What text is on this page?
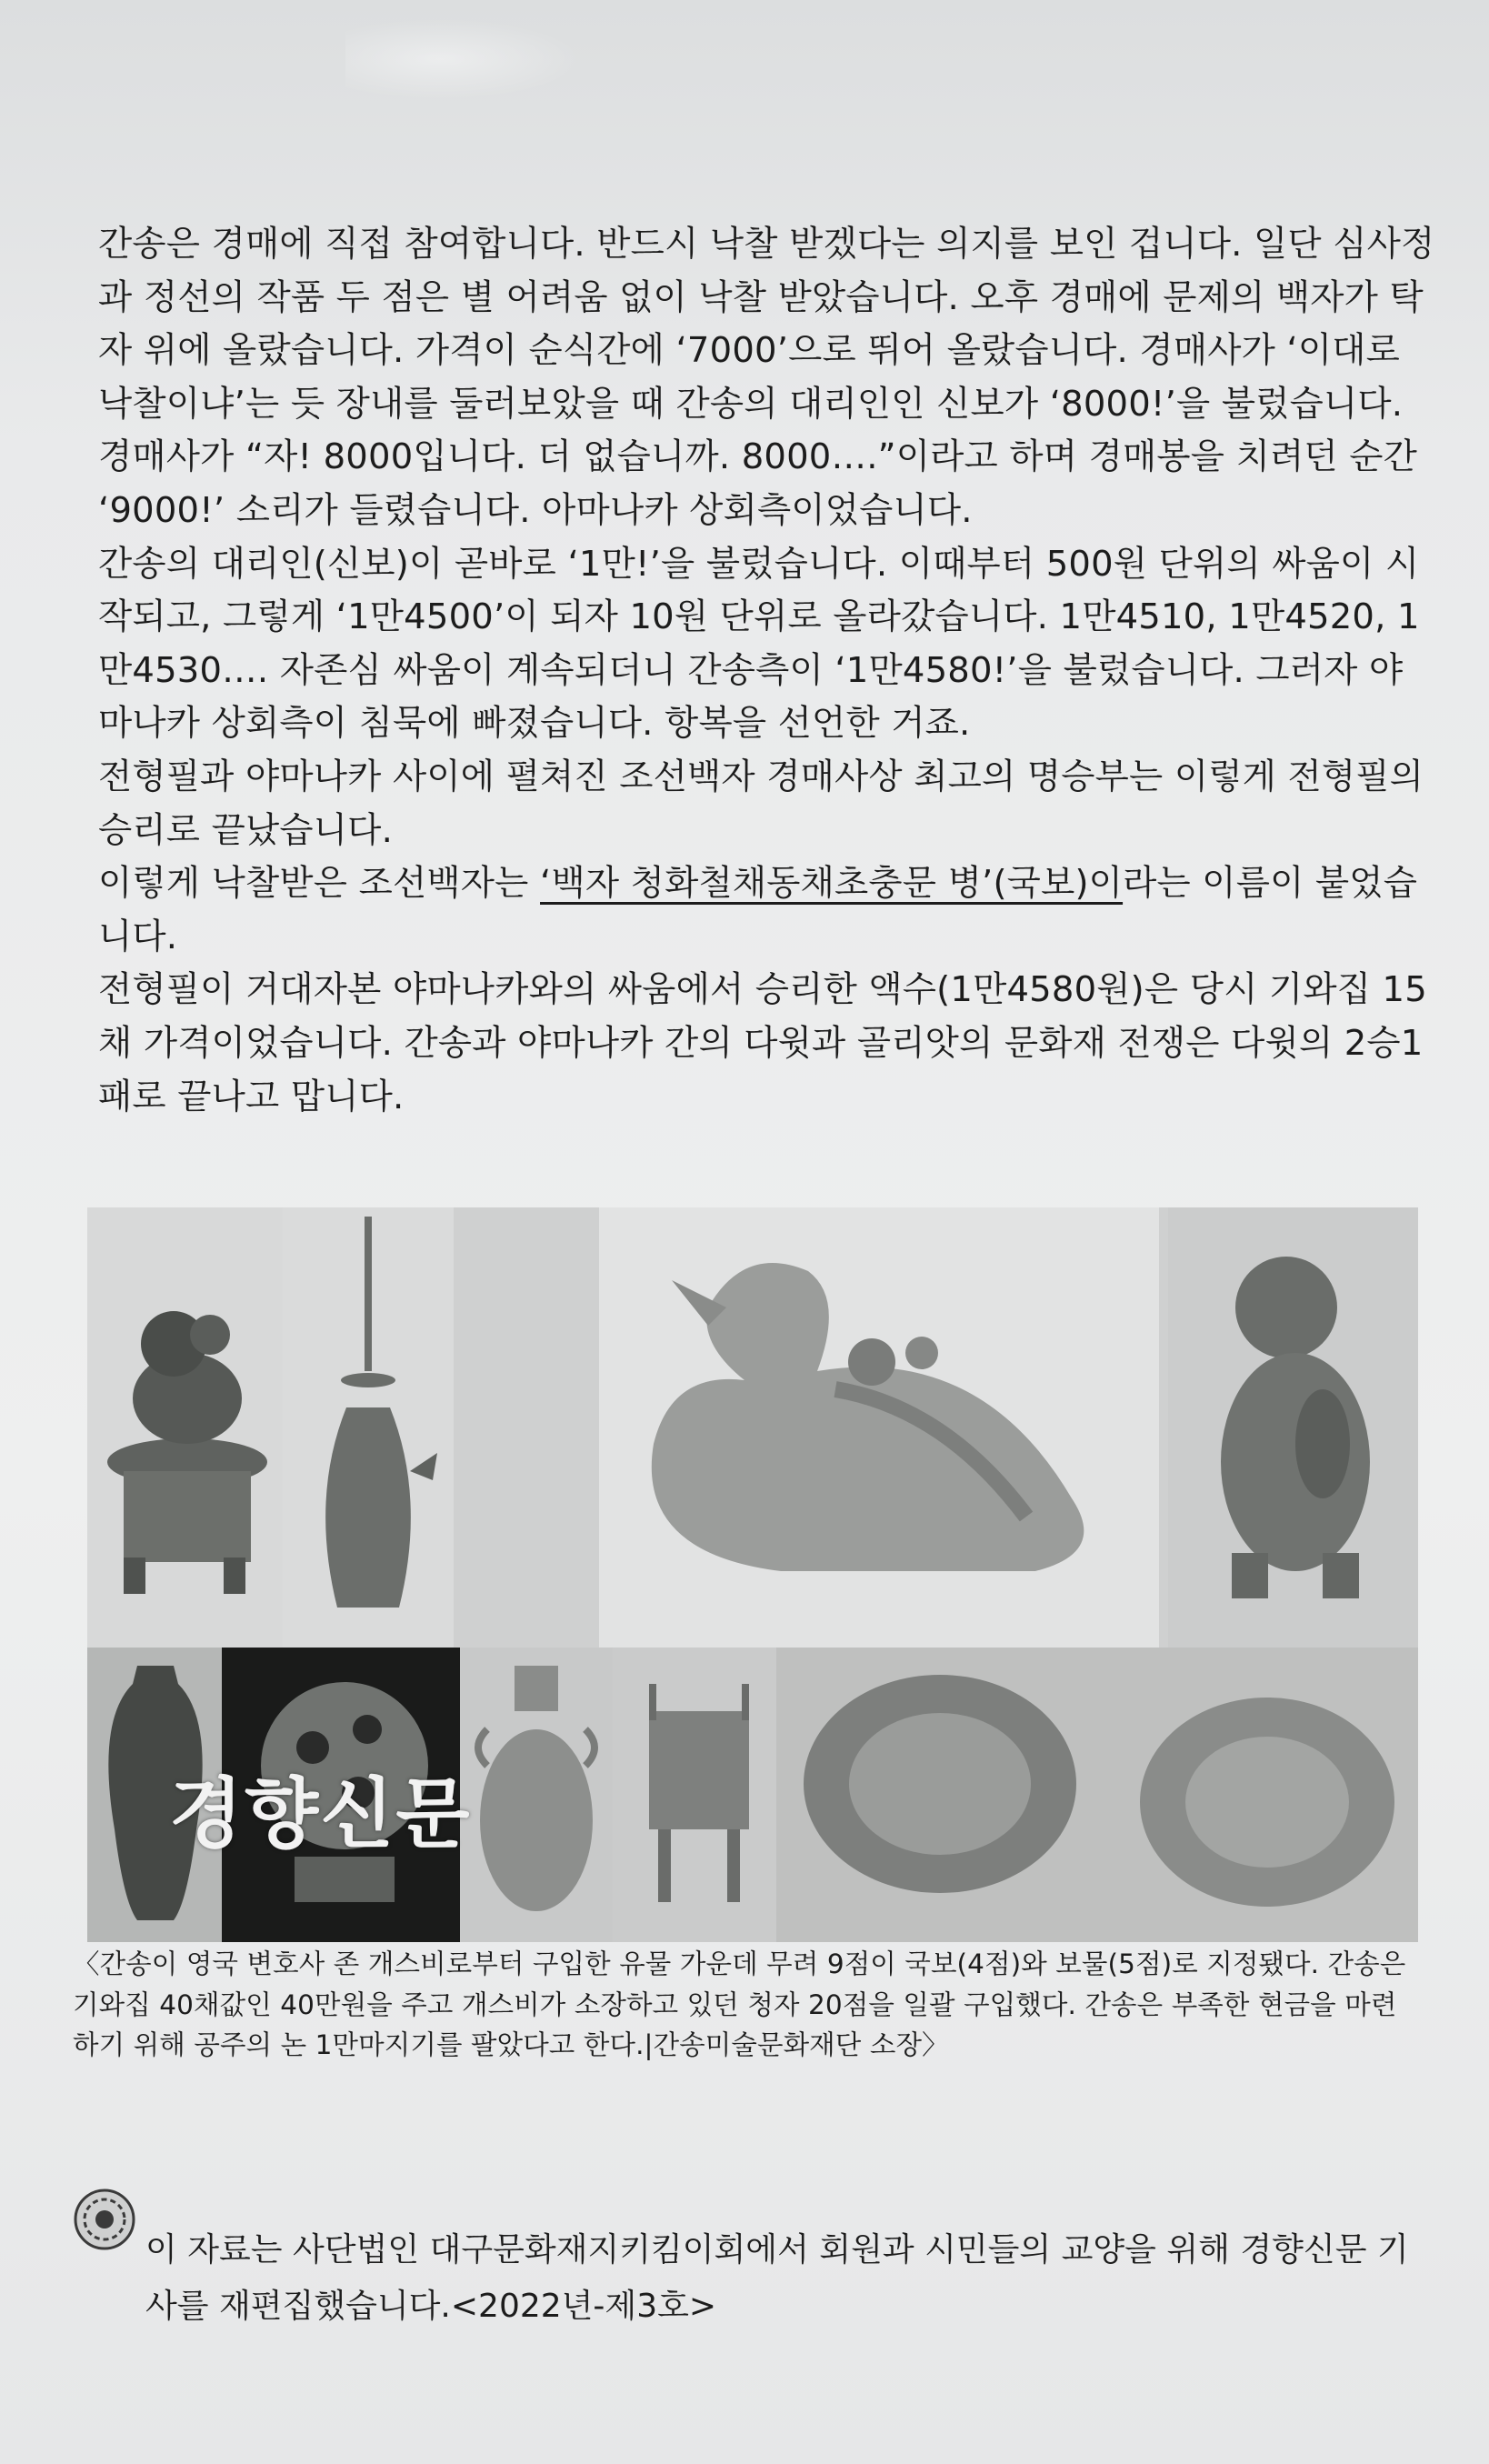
간송은 경매에 직접 참여합니다. 반드시 낙찰 받겠다는 의지를 보인 겁니다. 일단 심사정과 정선의 작품 두 점은 별 어려움 없이 낙찰 받았습니다. 오후 경매에 문제의 백자가 탁자 위에 올랐습니다. 가격이 순식간에 ‘7000’으로 뛰어 올랐습니다. 경매사가 ‘이대로 낙찰이냐’는 듯 장내를 둘러보았을 때 간송의 대리인인 신보가 ‘8000!’을 불렀습니다. 경매사가 “자! 8000입니다. 더 없습니까. 8000….”이라고 하며 경매봉을 치려던 순간 ‘9000!’ 소리가 들렸습니다. 아마나카 상회측이었습니다.

간송의 대리인(신보)이 곧바로 ‘1만!’을 불렀습니다. 이때부터 500원 단위의 싸움이 시작되고, 그렇게 ‘1만4500’이 되자 10원 단위로 올라갔습니다. 1만4510, 1만4520, 1만4530…. 자존심 싸움이 계속되더니 간송측이 ‘1만4580!’을 불렀습니다. 그러자 야마나카 상회측이 침묵에 빠졌습니다. 항복을 선언한 거죠.

전형필과 야마나카 사이에 펼쳐진 조선백자 경매사상 최고의 명승부는 이렇게 전형필의 승리로 끝났습니다.

이렇게 낙찰받은 조선백자는 ‘백자 청화철채동채초충문 병’(국보)이라는 이름이 붙었습니다.

전형필이 거대자본 야마나카와의 싸움에서 승리한 액수(1만4580원)은 당시 기와집 15채 가격이었습니다. 간송과 야마나카 간의 다윗과 골리앗의 문화재 전쟁은 다윗의 2승1패로 끝나고 맙니다.

경향신문
〈간송이 영국 변호사 존 개스비로부터 구입한 유물 가운데 무려 9점이 국보(4점)와 보물(5점)로 지정됐다. 간송은 기와집 40채값인 40만원을 주고 개스비가 소장하고 있던 청자 20점을 일괄 구입했다. 간송은 부족한 현금을 마련하기 위해 공주의 논 1만마지기를 팔았다고 한다.|간송미술문화재단 소장〉
이 자료는 사단법인 대구문화재지키킴이회에서 회원과 시민들의 교양을 위해 경향신문 기사를 재편집했습니다.<2022년-제3호>
